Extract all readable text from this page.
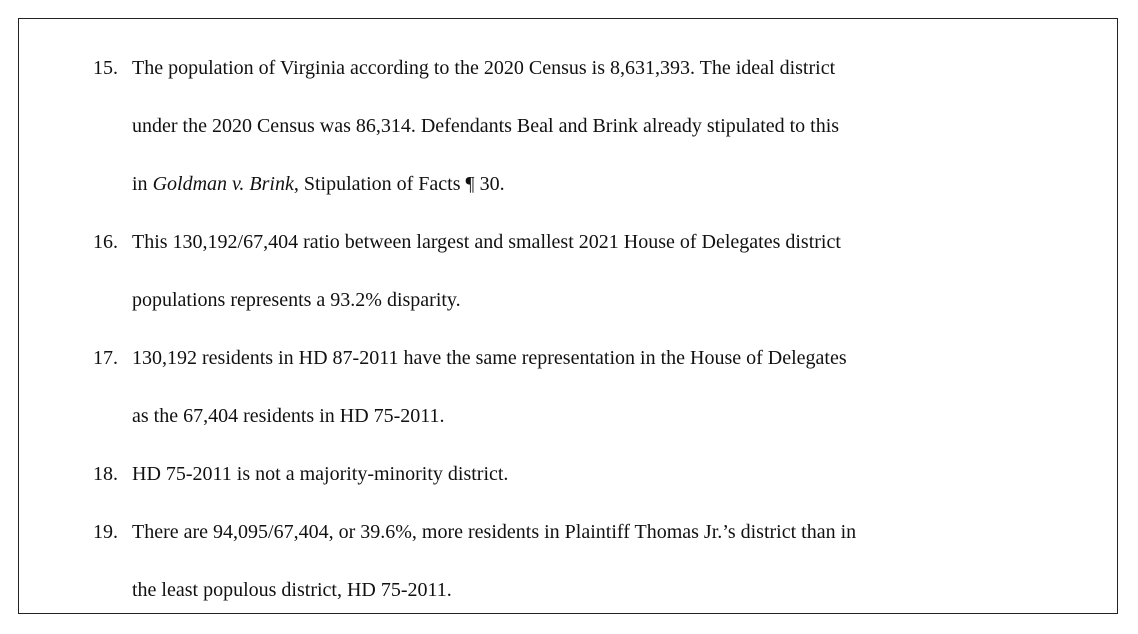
15. The population of Virginia according to the 2020 Census is 8,631,393. The ideal district
under the 2020 Census was 86,314. Defendants Beal and Brink already stipulated to this
in Goldman v. Brink, Stipulation of Facts ¶ 30.
16. This 130,192/67,404 ratio between largest and smallest 2021 House of Delegates district
populations represents a 93.2% disparity.
17. 130,192 residents in HD 87-2011 have the same representation in the House of Delegates
as the 67,404 residents in HD 75-2011.
18. HD 75-2011 is not a majority-minority district.
19. There are 94,095/67,404, or 39.6%, more residents in Plaintiff Thomas Jr.’s district than in
the least populous district, HD 75-2011.
